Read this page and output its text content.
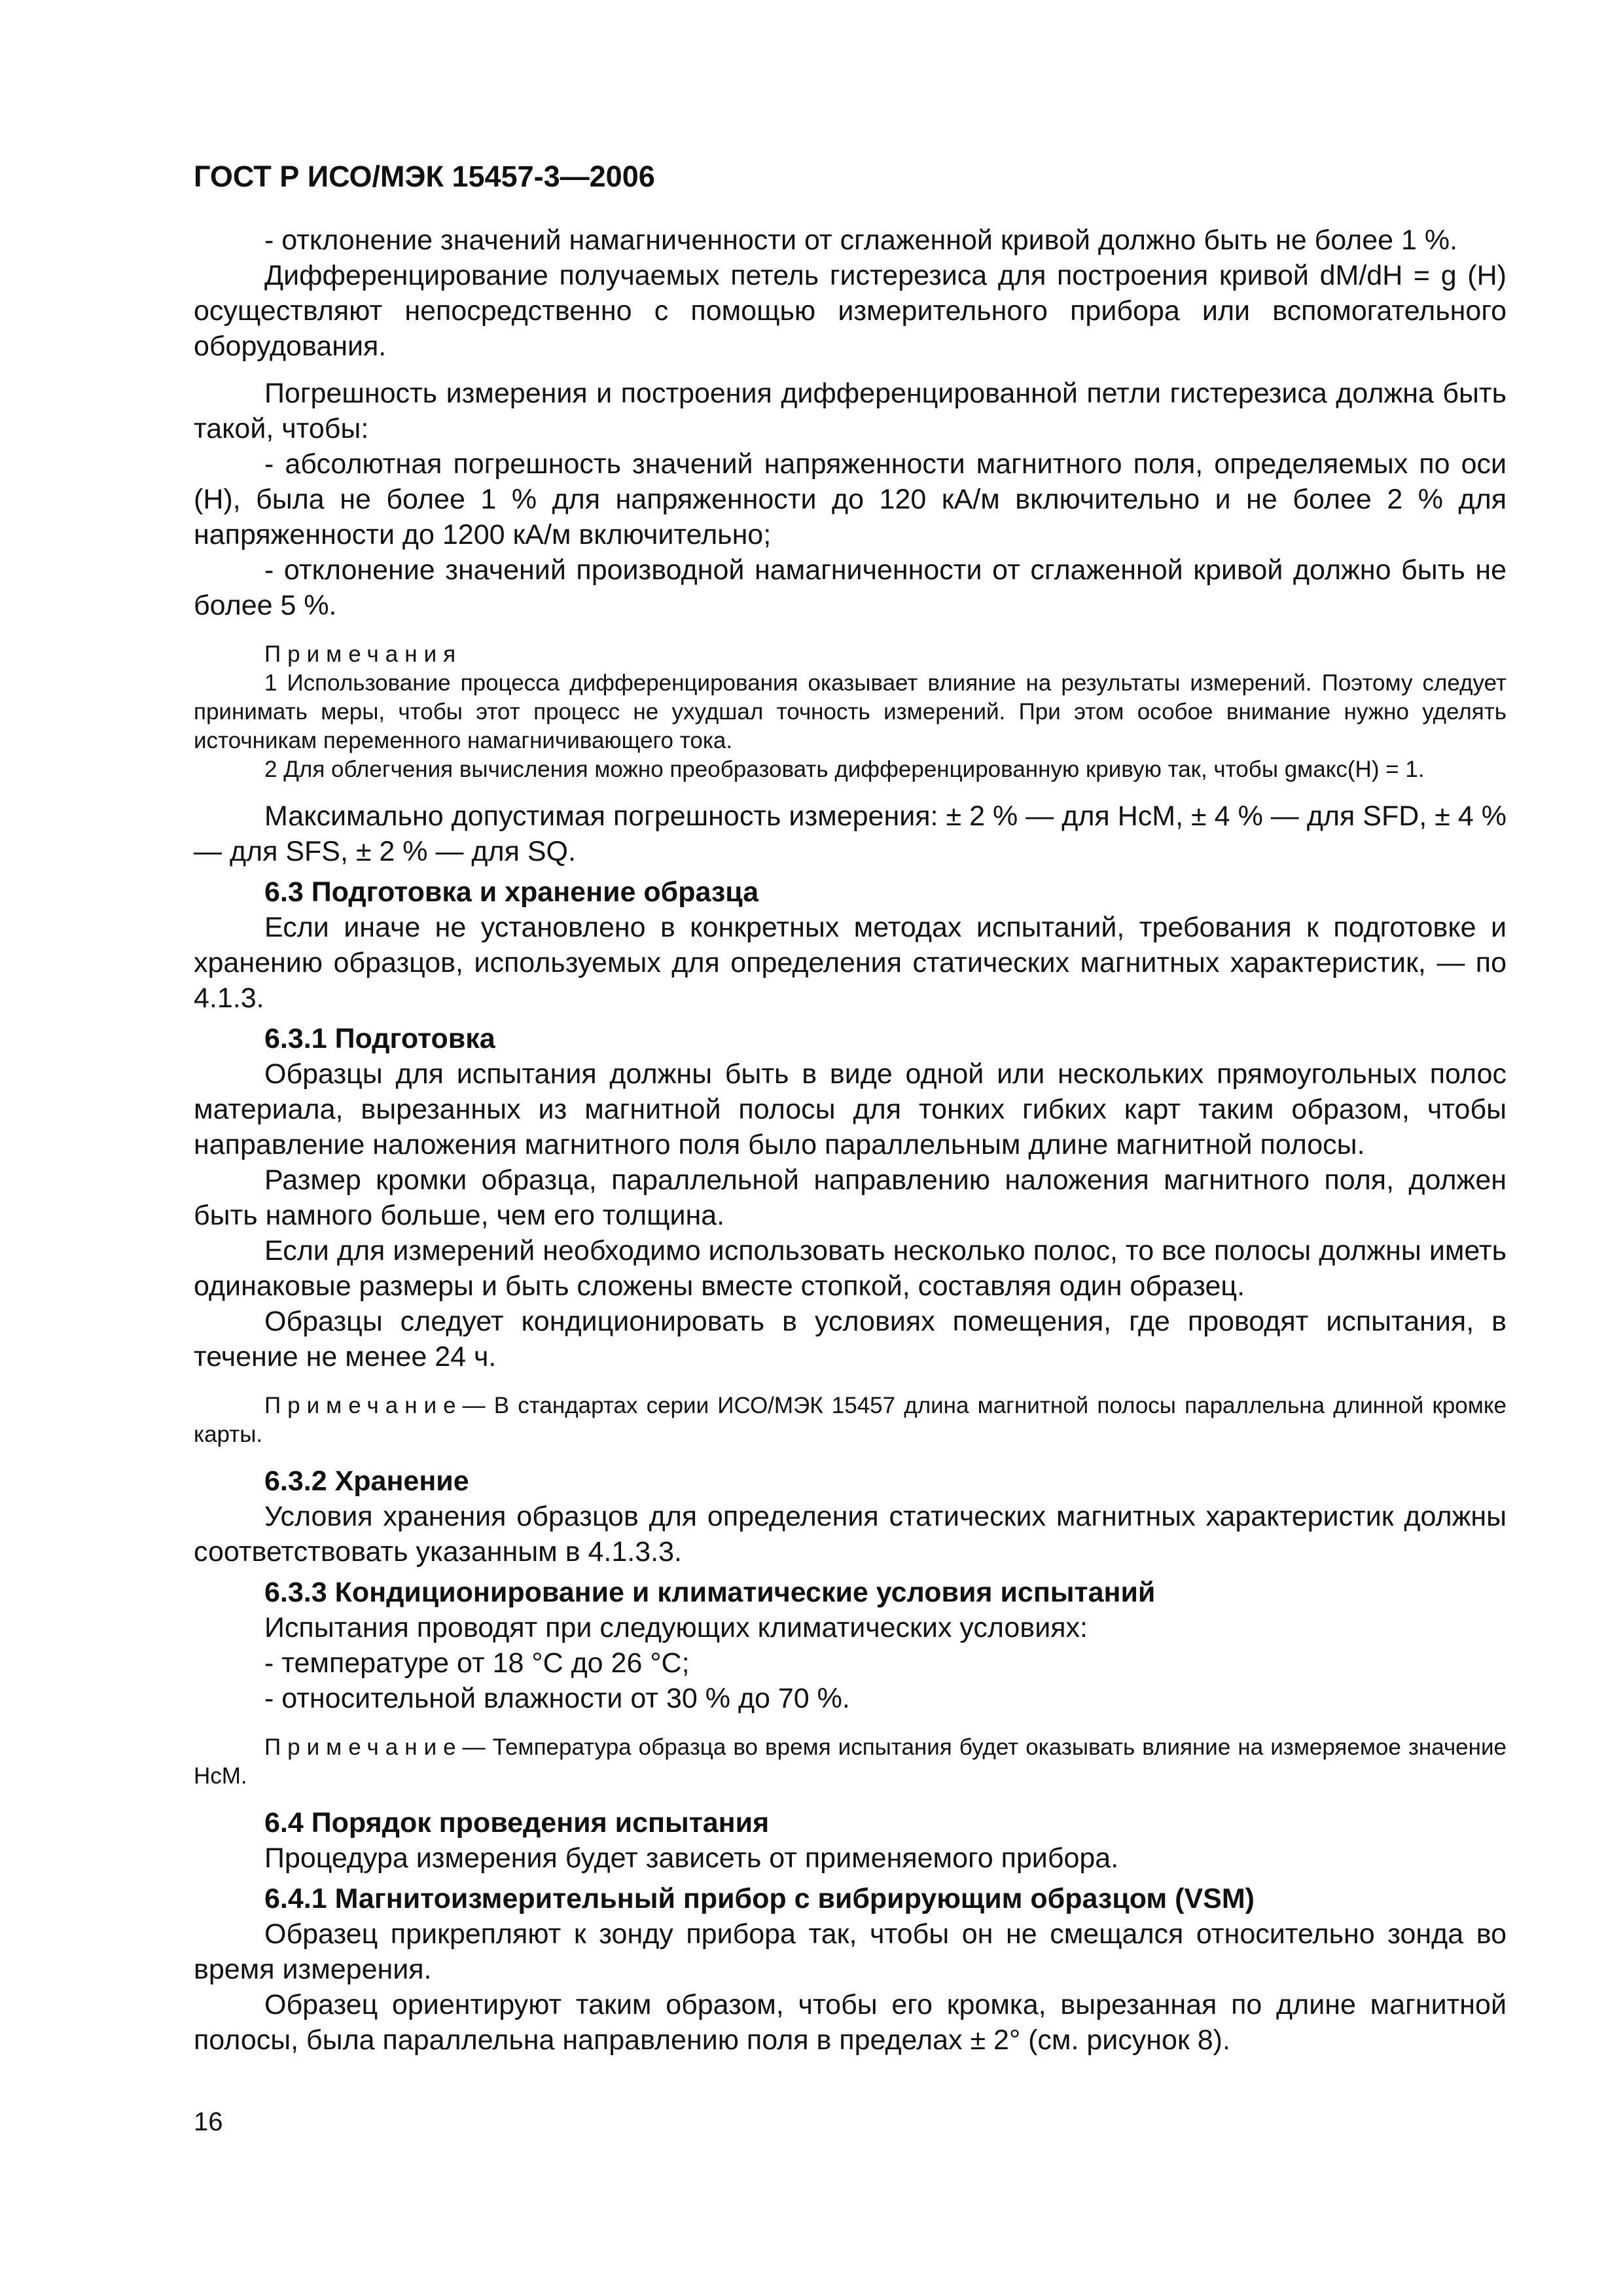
ГОСТ Р ИСО/МЭК 15457-3—2006

- отклонение значений намагниченности от сглаженной кривой должно быть не более 1 %.

Дифференцирование получаемых петель гистерезиса для построения кривой dM/dH = g (H) осуществляют непосредственно с помощью измерительного прибора или вспомогательного оборудования.

Погрешность измерения и построения дифференцированной петли гистерезиса должна быть такой, чтобы:

- абсолютная погрешность значений напряженности магнитного поля, определяемых по оси (H), была не более 1 % для напряженности до 120 кА/м включительно и не более 2 % для напряженности до 1200 кА/м включительно;

- отклонение значений производной намагниченности от сглаженной кривой должно быть не более 5 %.

Примечания

1 Использование процесса дифференцирования оказывает влияние на результаты измерений. Поэтому следует принимать меры, чтобы этот процесс не ухудшал точность измерений. При этом особое внимание нужно уделять источникам переменного намагничивающего тока.

2 Для облегчения вычисления можно преобразовать дифференцированную кривую так, чтобы gмакс(H) = 1.

Максимально допустимая погрешность измерения: ± 2 % — для HсМ, ± 4 % — для SFD, ± 4 % — для SFS, ± 2 % — для SQ.

6.3 Подготовка и хранение образца

Если иначе не установлено в конкретных методах испытаний, требования к подготовке и хранению образцов, используемых для определения статических магнитных характеристик, — по 4.1.3.

6.3.1 Подготовка

Образцы для испытания должны быть в виде одной или нескольких прямоугольных полос материала, вырезанных из магнитной полосы для тонких гибких карт таким образом, чтобы направление наложения магнитного поля было параллельным длине магнитной полосы.

Размер кромки образца, параллельной направлению наложения магнитного поля, должен быть намного больше, чем его толщина.

Если для измерений необходимо использовать несколько полос, то все полосы должны иметь одинаковые размеры и быть сложены вместе стопкой, составляя один образец.

Образцы следует кондиционировать в условиях помещения, где проводят испытания, в течение не менее 24 ч.

Примечание— В стандартах серии ИСО/МЭК 15457 длина магнитной полосы параллельна длинной кромке карты.

6.3.2 Хранение

Условия хранения образцов для определения статических магнитных характеристик должны соответствовать указанным в 4.1.3.3.

6.3.3 Кондиционирование и климатические условия испытаний

Испытания проводят при следующих климатических условиях:

- температуре от 18 °С до 26 °С;

- относительной влажности от 30 % до 70 %.

Примечание— Температура образца во время испытания будет оказывать влияние на измеряемое значение HсМ.

6.4 Порядок проведения испытания

Процедура измерения будет зависеть от применяемого прибора.

6.4.1 Магнитоизмерительный прибор с вибрирующим образцом (VSM)

Образец прикрепляют к зонду прибора так, чтобы он не смещался относительно зонда во время измерения.

Образец ориентируют таким образом, чтобы его кромка, вырезанная по длине магнитной полосы, была параллельна направлению поля в пределах ± 2° (см. рисунок 8).

16
